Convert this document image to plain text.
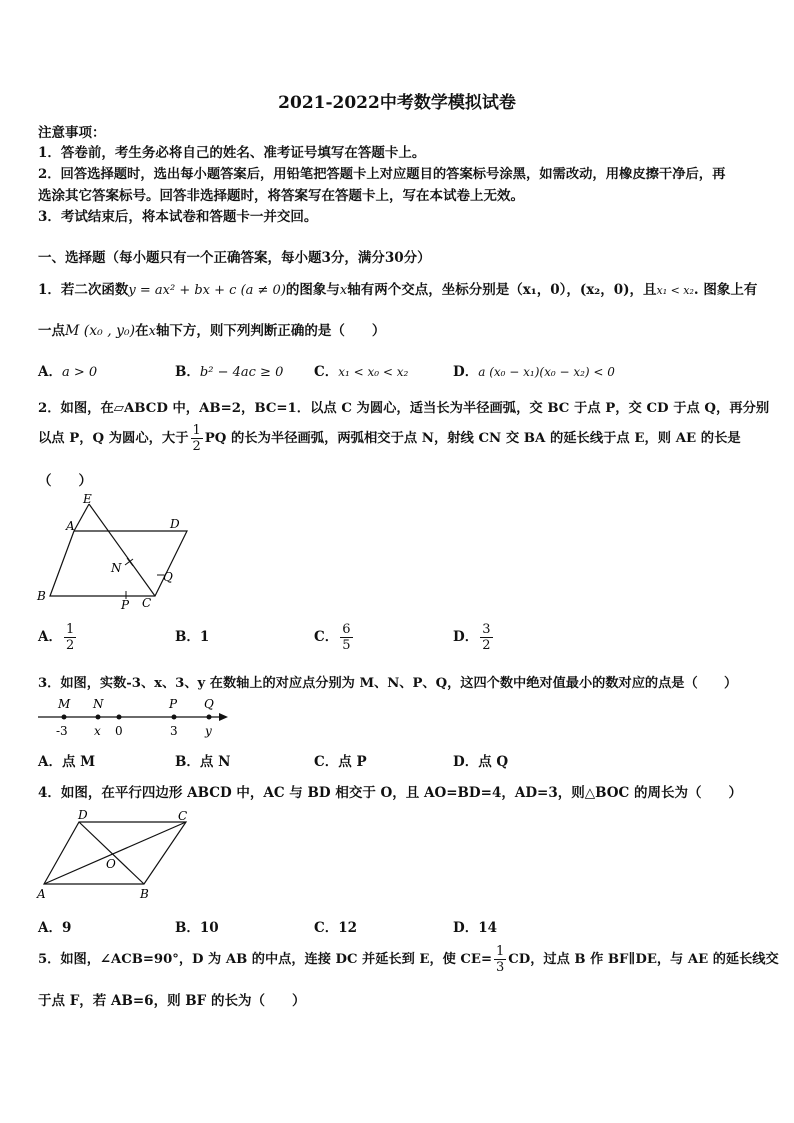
2021-2022中考数学模拟试卷
注意事项：
1．答卷前，考生务必将自己的姓名、准考证号填写在答题卡上。
2．回答选择题时，选出每小题答案后，用铅笔把答题卡上对应题目的答案标号涂黑，如需改动，用橡皮擦干净后，再
选涂其它答案标号。回答非选择题时，将答案写在答题卡上，写在本试卷上无效。
3．考试结束后，将本试卷和答题卡一并交回。
一、选择题（每小题只有一个正确答案，每小题3分，满分30分）
1．若二次函数y = ax² + bx + c (a ≠ 0)的图象与x轴有两个交点，坐标分别是（x₁，0），(x₂，0)，且x₁ < x₂. 图象上有
一点M (x₀ , y₀)在x轴下方，则下列判断正确的是（　　）
A．a > 0	B．b² − 4ac ≥ 0 C．x₁ < x₀ < x₂	D．a (x₀ − x₁)(x₀ − x₂) < 0
2．如图，在▱ABCD 中，AB=2，BC=1．以点 C 为圆心，适当长为半径画弧，交 BC 于点 P，交 CD 于点 Q，再分别
以点 P，Q 为圆心，大于 $\frac{1}{2}$ PQ 的长为半径画弧，两弧相交于点 N，射线 CN 交 BA 的延长线于点 E，则 AE 的长是
（　　）
E
A	D
N
Q
B
P C
A． $\frac{1}{2}$	B．1	C． $\frac{6}{5}$	D． $\frac{3}{2}$
3．如图，实数-3、x、3、y 在数轴上的对应点分别为 M、N、P、Q，这四个数中绝对值最小的数对应的点是（　　）
M N	P Q
-3 x 0	3 y
A．点 M	B．点 N	C．点 P	D．点 Q
4．如图，在平行四边形 ABCD 中，AC 与 BD 相交于 O，且 AO=BD=4，AD=3，则△BOC 的周长为（　　）
D	C
O
A	B
A．9	B．10	C．12	D．14
5．如图，∠ACB=90°，D 为 AB 的中点，连接 DC 并延长到 E，使 $CE= \frac{1}{3}$ CD，过点 B 作 BF∥DE，与 AE 的延长线交
于点 F，若 AB=6，则 BF 的长为（　　）
